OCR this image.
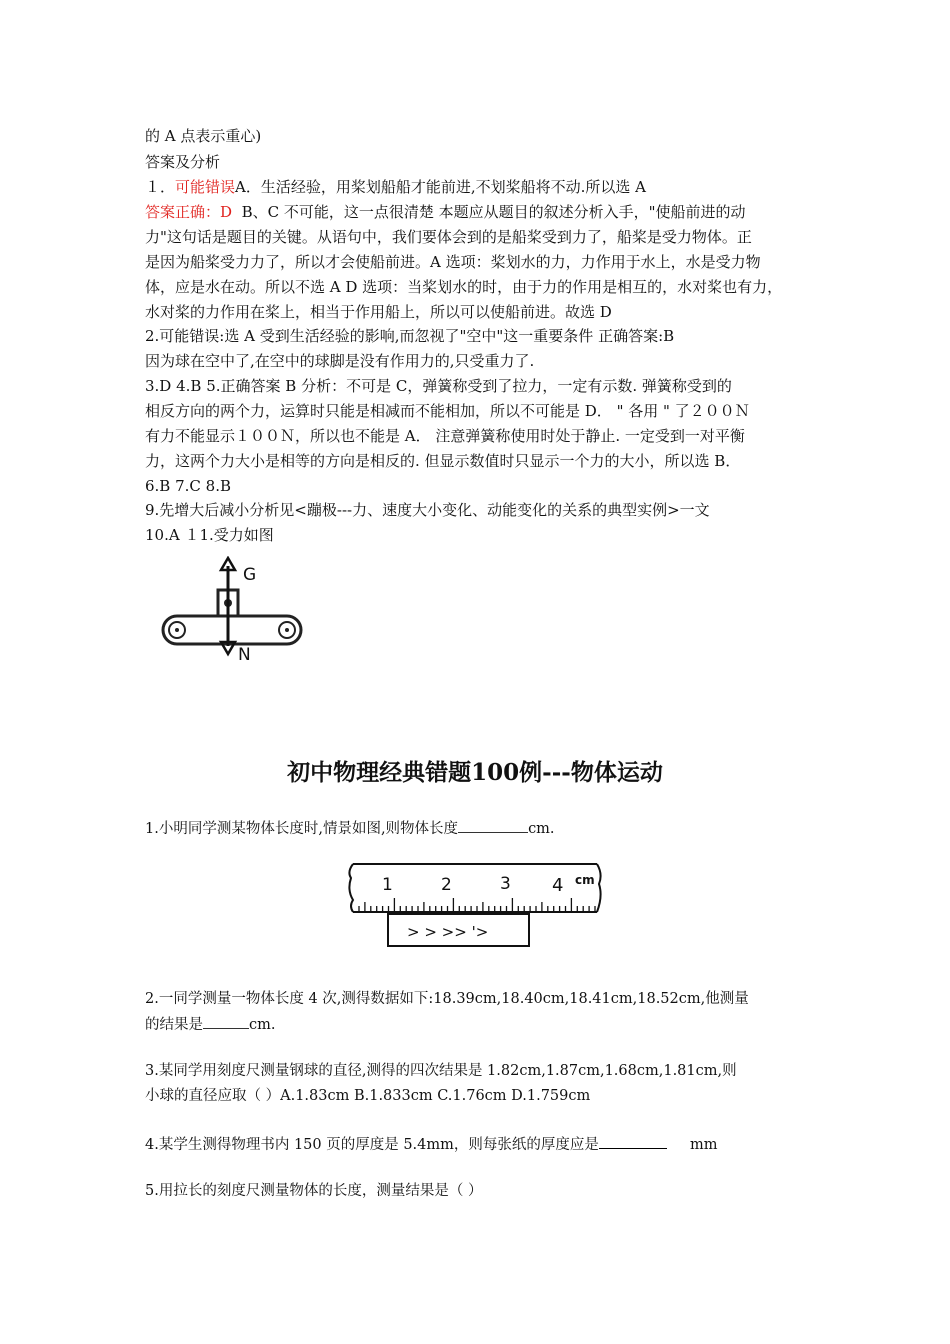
的 A 点表示重心)
答案及分析
１．可能错误A．生活经验，用桨划船船才能前进,不划桨船将不动.所以选 A
答案正确：D B、C 不可能，这一点很清楚 本题应从题目的叙述分析入手，"使船前进的动
力"这句话是题目的关键。从语句中，我们要体会到的是船桨受到力了，船桨是受力物体。正
是因为船桨受力力了，所以才会使船前进。A 选项：桨划水的力，力作用于水上，水是受力物
体，应是水在动。所以不选 A D 选项：当桨划水的时，由于力的作用是相互的，水对桨也有力，
水对桨的力作用在桨上，相当于作用船上，所以可以使船前进。故选 D
2.可能错误:选 A 受到生活经验的影响,而忽视了"空中"这一重要条件 正确答案:B
因为球在空中了,在空中的球脚是没有作用力的,只受重力了.
3.D 4.B 5.正确答案 B 分析：不可是 C，弹簧称受到了拉力，一定有示数. 弹簧称受到的
相反方向的两个力，运算时只能是相减而不能相加，所以不可能是 D． " 各用 " 了２００Ｎ
有力不能显示１００Ｎ，所以也不能是 A． 注意弹簧称使用时处于静止. 一定受到一对平衡
力，这两个力大小是相等的方向是相反的. 但显示数值时只显示一个力的大小，所以选 B．
6.B 7.C 8.B
9.先增大后减小分析见<蹦极---力、速度大小变化、动能变化的关系的典型实例>一文
10.A １1.受力如图
G
N
初中物理经典错题100例---物体运动
1.小明同学测某物体长度时,情景如图,则物体长度	cm.
1	2	3 4 cm
> > >> '>
2.一同学测量一物体长度 4 次,测得数据如下:18.39cm,18.40cm,18.41cm,18.52cm,他测量
的结果是	cm.
3.某同学用刻度尺测量钢球的直径,测得的四次结果是 1.82cm,1.87cm,1.68cm,1.81cm,则
小球的直径应取（ ）A.1.83cm B.1.833cm C.1.76cm D.1.759cm
4.某学生测得物理书内 150 页的厚度是 5.4mm，则每张纸的厚度应是	mm
5.用拉长的刻度尺测量物体的长度，测量结果是（ ）
